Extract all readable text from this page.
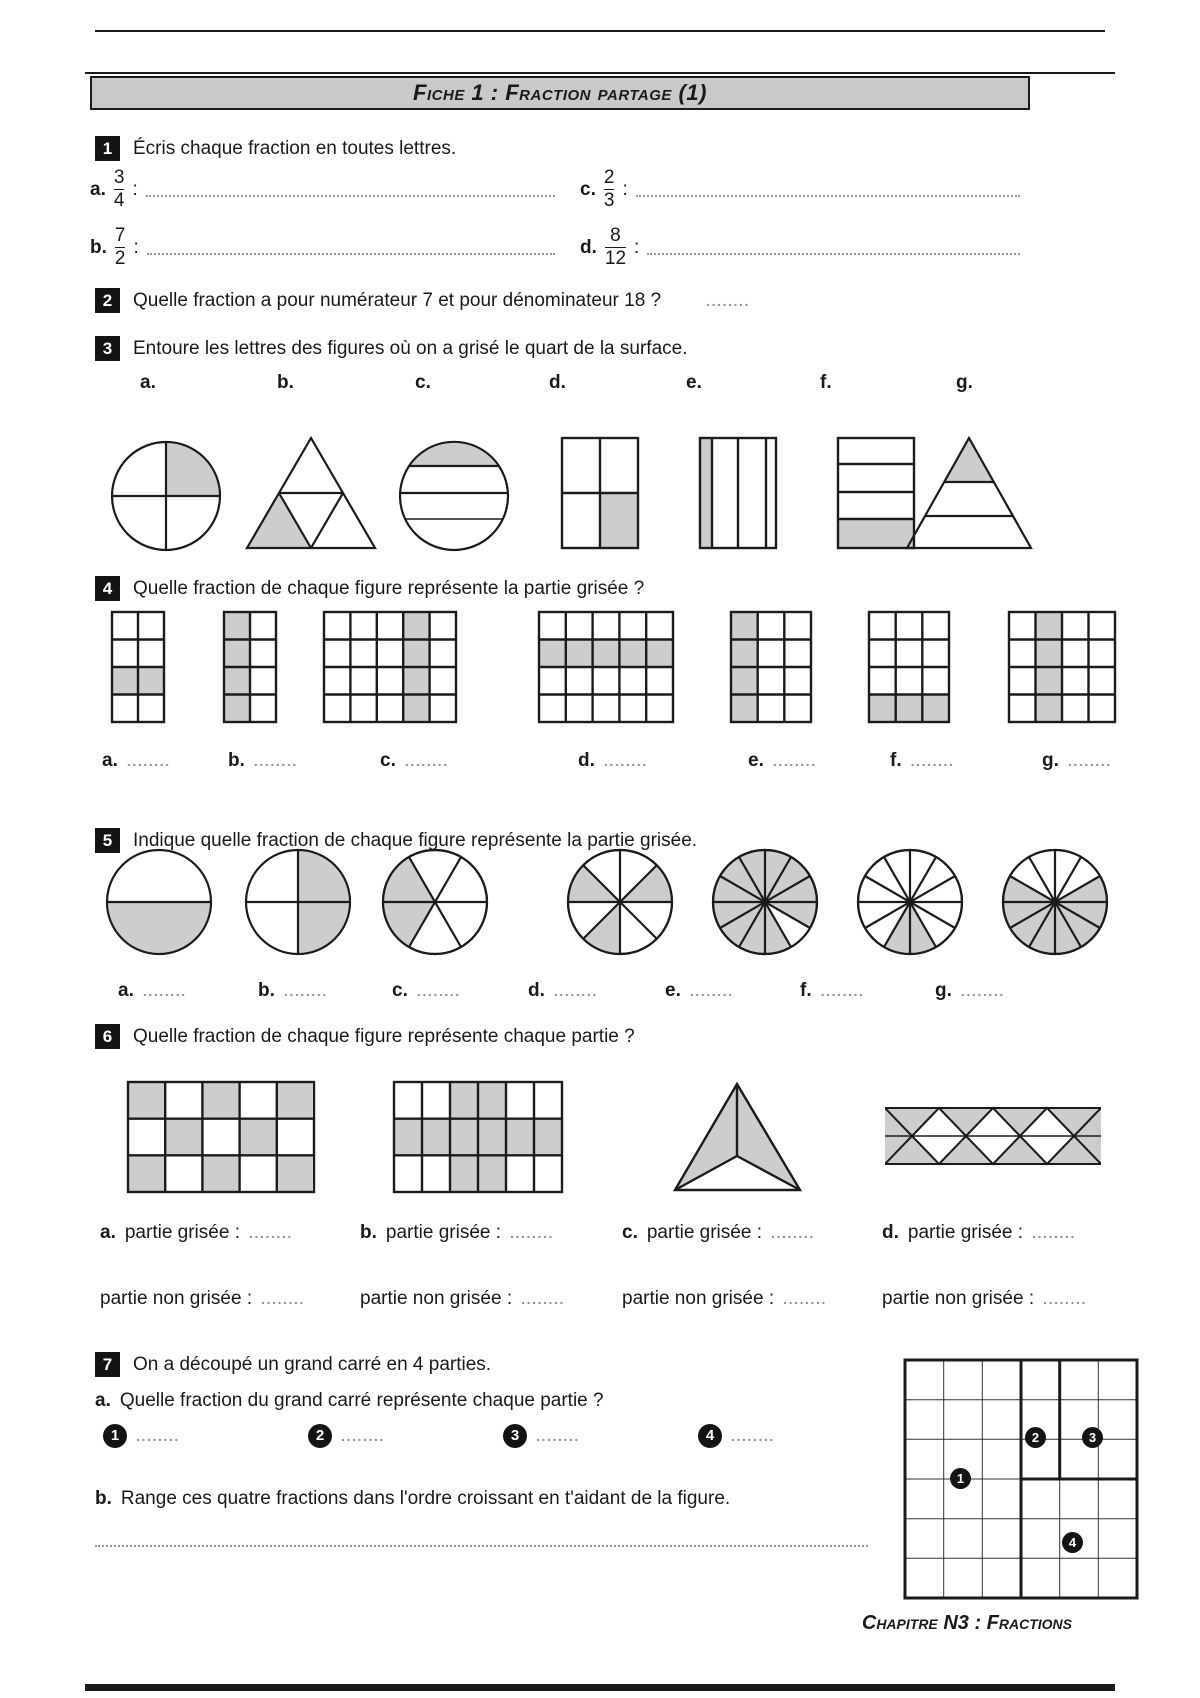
Fiche 1 : Fraction partage (1)
1	Écris chaque fraction en toutes lettres.
a. $\frac{3}{4}$ :	c. $\frac{2}{3}$ :
b. $\frac{7}{2}$ :	d. $\frac{8}{12}$ :
2	Quelle fraction a pour numérateur 7 et pour dénominateur 18 ?	........
3	Entoure les lettres des figures où on a grisé le quart de la surface.
a.	b.	c.	d.	e.	f.	g.
4	Quelle fraction de chaque figure représente la partie grisée ?
a. ........	b. ........	c. ........	d. ........	e. ........	f. ........	g. ........
5	Indique quelle fraction de chaque figure représente la partie grisée.
a. ........	b. ........	c. ........	d. ........	e. ........	f. ........	g. ........
6	Quelle fraction de chaque figure représente chaque partie ?
a. partie grisée : ........	b. partie grisée : ........	c. partie grisée : ........	d. partie grisée : ........
partie non grisée : ........	partie non grisée : ........	partie non grisée : ........	partie non grisée : ........
7	On a découpé un grand carré en 4 parties.
a. Quelle fraction du grand carré représente chaque partie ?
1	........	2	........	3	........	4	........
b. Range ces quatre fractions dans l'ordre croissant en t'aidant de la figure.
1
2	3
4
Chapitre N3 : Fractions
